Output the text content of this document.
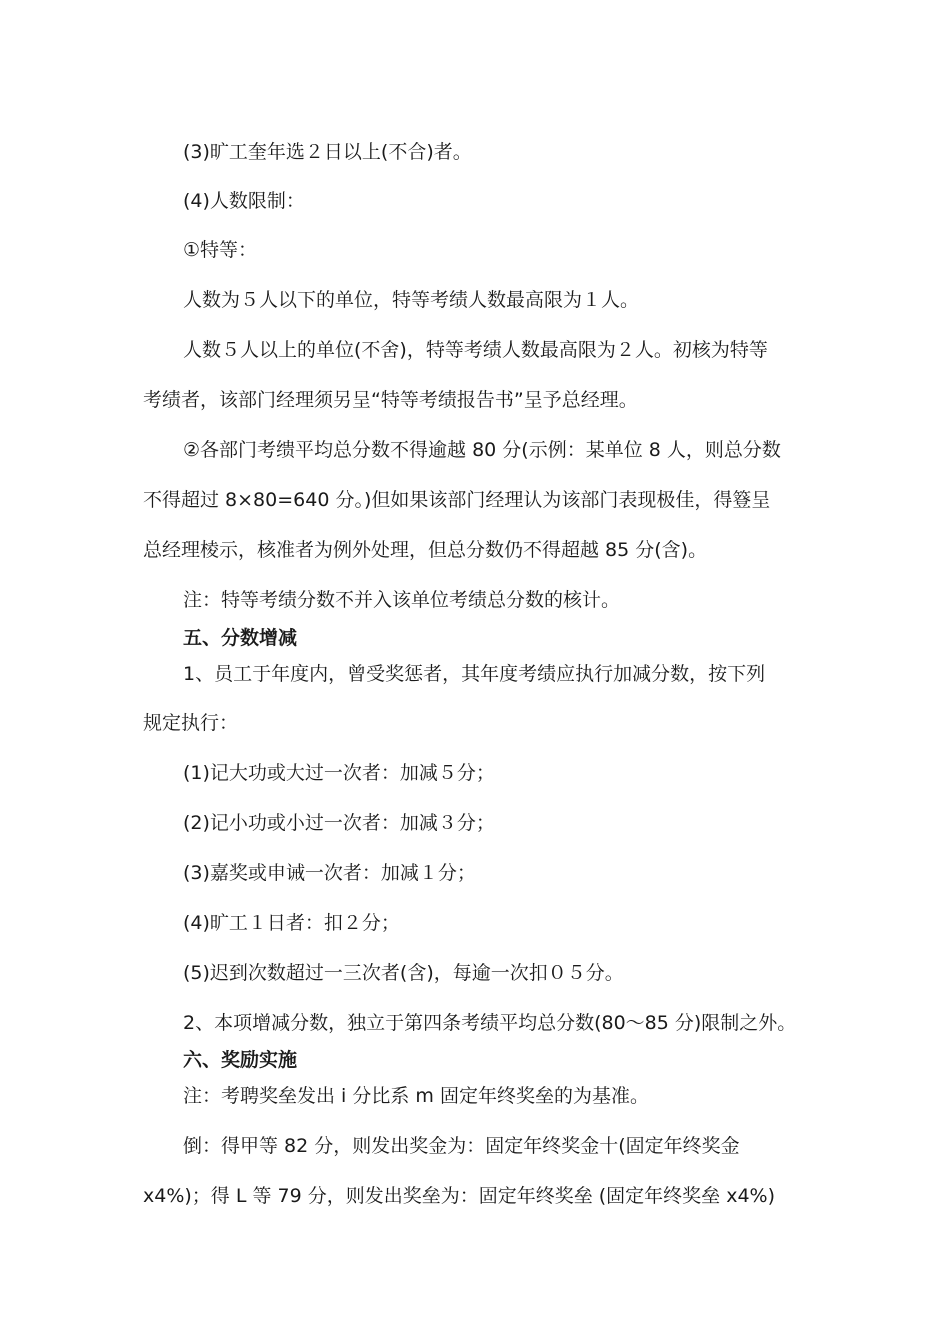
(3)旷工奎年选２日以上(不合)者。
(4)人数限制：
①特等：
人数为５人以下的单位，特等考绩人数最高限为１人。
人数５人以上的单位(不舍)，特等考绩人数最高限为２人。初核为特等
考绩者，该部门经理须另呈“特等考绩报告书”呈予总经理。
②各部门考缋平均总分数不得逾越 80 分(示例：某单位 8 人，则总分数
不得超过 8×80=640 分。)但如果该部门经理认为该部门表现极佳，得簦呈
总经理棱示，核准者为例外处理，但总分数仍不得超越 85 分(含)。
注：特等考绩分数不并入该单位考绩总分数的核计。
五、分数增减
1、员工于年度内，曾受奖惩者，其年度考绩应执行加减分数，按下列
规定执行：
(1)记大功或大过一次者：加减５分；
(2)记小功或小过一次者：加减３分；
(3)嘉奖或申诫一次者：加减１分；
(4)旷工１日者：扣２分；
(5)迟到次数超过一三次者(含)，每逾一次扣０５分。
2、本项增减分数，独立于第四条考绩平均总分数(80～85 分)限制之外。
六、奖励实施
注：考聘奖垒发出 i 分比系 m 固定年终奖垒的为基准。
倒：得甲等 82 分，则发出奖金为：固定年终奖金十(固定年终奖金
x4%)；得 L 等 79 分，则发出奖垒为：固定年终奖垒 (固定年终奖垒 x4%)
